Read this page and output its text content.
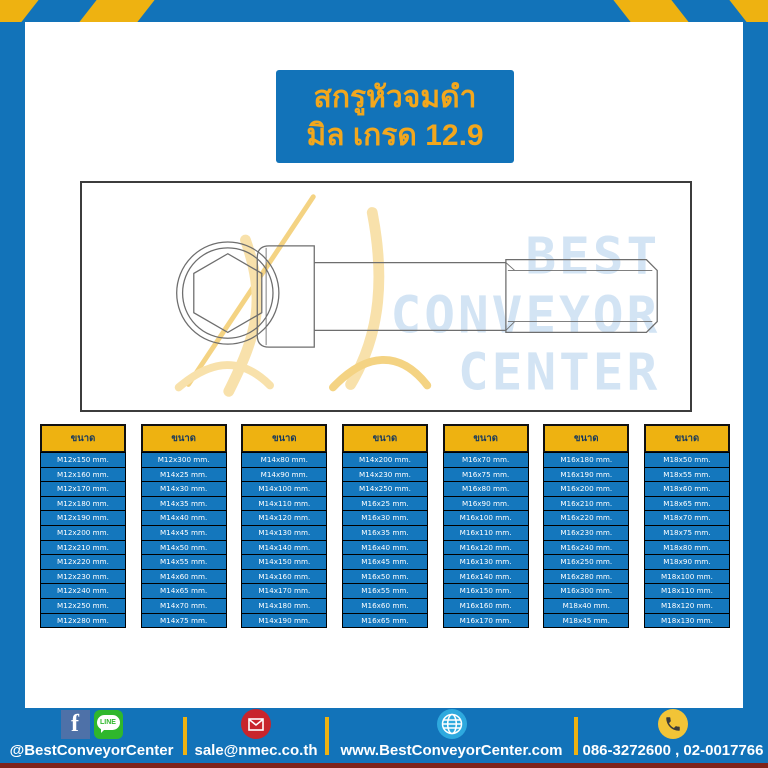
สกรูหัวจมดำ
มิล เกรด 12.9
BEST
CONVEYOR
CENTER
ขนาด
M12x150 mm.
M12x160 mm.
M12x170 mm.
M12x180 mm.
M12x190 mm.
M12x200 mm.
M12x210 mm.
M12x220 mm.
M12x230 mm.
M12x240 mm.
M12x250 mm.
M12x280 mm.
ขนาด
M12x300 mm.
M14x25 mm.
M14x30 mm.
M14x35 mm.
M14x40 mm.
M14x45 mm.
M14x50 mm.
M14x55 mm.
M14x60 mm.
M14x65 mm.
M14x70 mm.
M14x75 mm.
ขนาด
M14x80 mm.
M14x90 mm.
M14x100 mm.
M14x110 mm.
M14x120 mm.
M14x130 mm.
M14x140 mm.
M14x150 mm.
M14x160 mm.
M14x170 mm.
M14x180 mm.
M14x190 mm.
ขนาด
M14x200 mm.
M14x230 mm.
M14x250 mm.
M16x25 mm.
M16x30 mm.
M16x35 mm.
M16x40 mm.
M16x45 mm.
M16x50 mm.
M16x55 mm.
M16x60 mm.
M16x65 mm.
ขนาด
M16x70 mm.
M16x75 mm.
M16x80 mm.
M16x90 mm.
M16x100 mm.
M16x110 mm.
M16x120 mm.
M16x130 mm.
M16x140 mm.
M16x150 mm.
M16x160 mm.
M16x170 mm.
ขนาด
M16x180 mm.
M16x190 mm.
M16x200 mm.
M16x210 mm.
M16x220 mm.
M16x230 mm.
M16x240 mm.
M16x250 mm.
M16x280 mm.
M16x300 mm.
M18x40 mm.
M18x45 mm.
ขนาด
M18x50 mm.
M18x55 mm.
M18x60 mm.
M18x65 mm.
M18x70 mm.
M18x75 mm.
M18x80 mm.
M18x90 mm.
M18x100 mm.
M18x110 mm.
M18x120 mm.
M18x130 mm.
f	LINE
@BestConveyorCenter sale@nmec.co.th www.BestConveyorCenter.com 086-3272600 , 02-0017766
